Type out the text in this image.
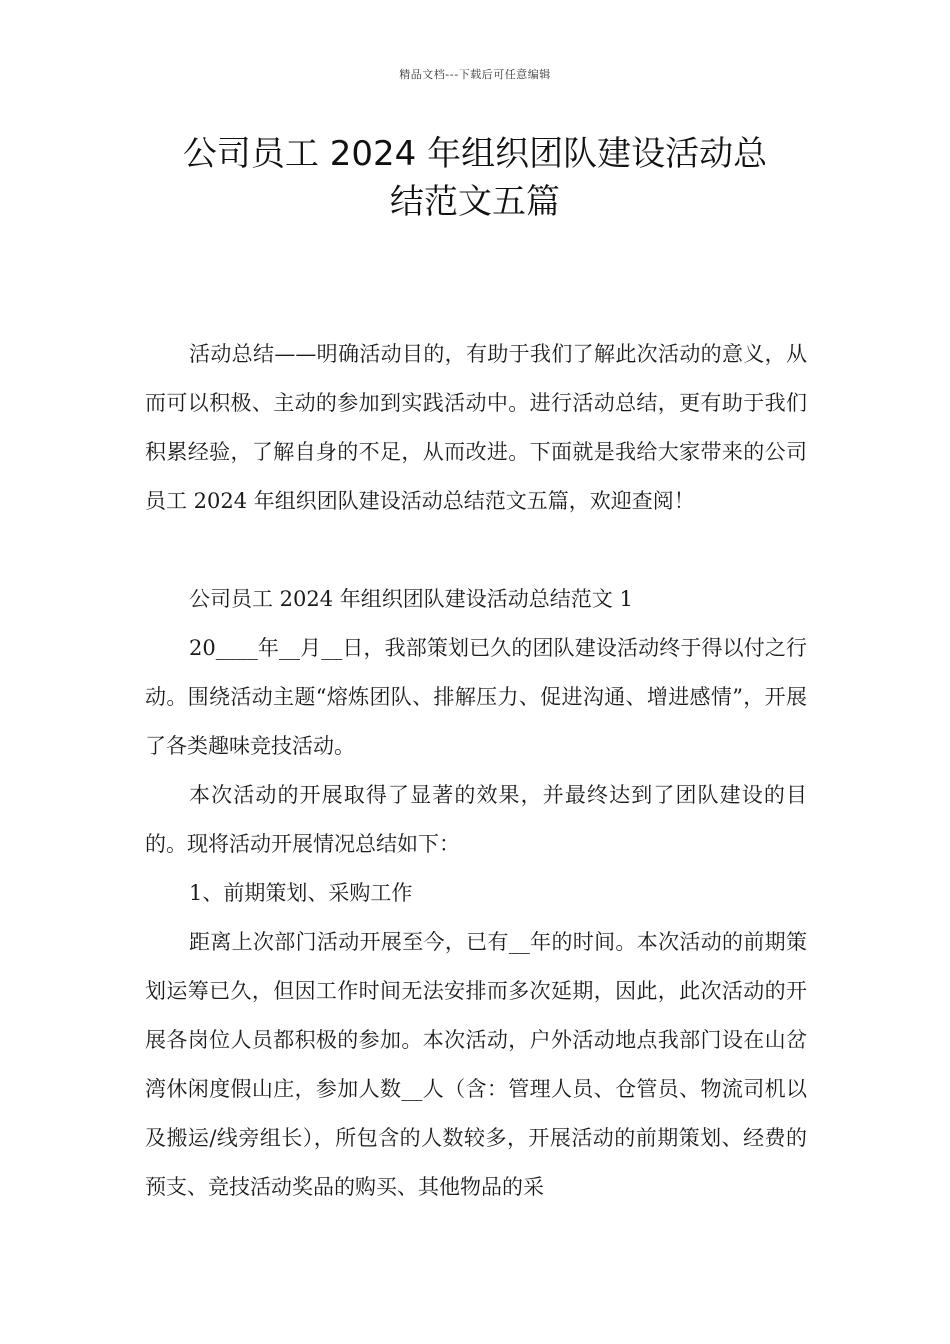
精品文档---下载后可任意编辑
公司员工 2024 年组织团队建设活动总
结范文五篇

活动总结——明确活动目的，有助于我们了解此次活动的意义，从而可以积极、主动的参加到实践活动中。进行活动总结，更有助于我们积累经验，了解自身的不足，从而改进。下面就是我给大家带来的公司员工 2024 年组织团队建设活动总结范文五篇，欢迎查阅！

公司员工 2024 年组织团队建设活动总结范文 1

20____年__月__日，我部策划已久的团队建设活动终于得以付之行动。围绕活动主题“熔炼团队、排解压力、促进沟通、增进感情”，开展了各类趣味竞技活动。

本次活动的开展取得了显著的效果，并最终达到了团队建设的目的。现将活动开展情况总结如下：

1、前期策划、采购工作

距离上次部门活动开展至今，已有__年的时间。本次活动的前期策划运筹已久，但因工作时间无法安排而多次延期，因此，此次活动的开展各岗位人员都积极的参加。本次活动，户外活动地点我部门设在山岔湾休闲度假山庄，参加人数__人（含：管理人员、仓管员、物流司机以及搬运/线旁组长），所包含的人数较多，开展活动的前期策划、经费的预支、竞技活动奖品的购买、其他物品的采
